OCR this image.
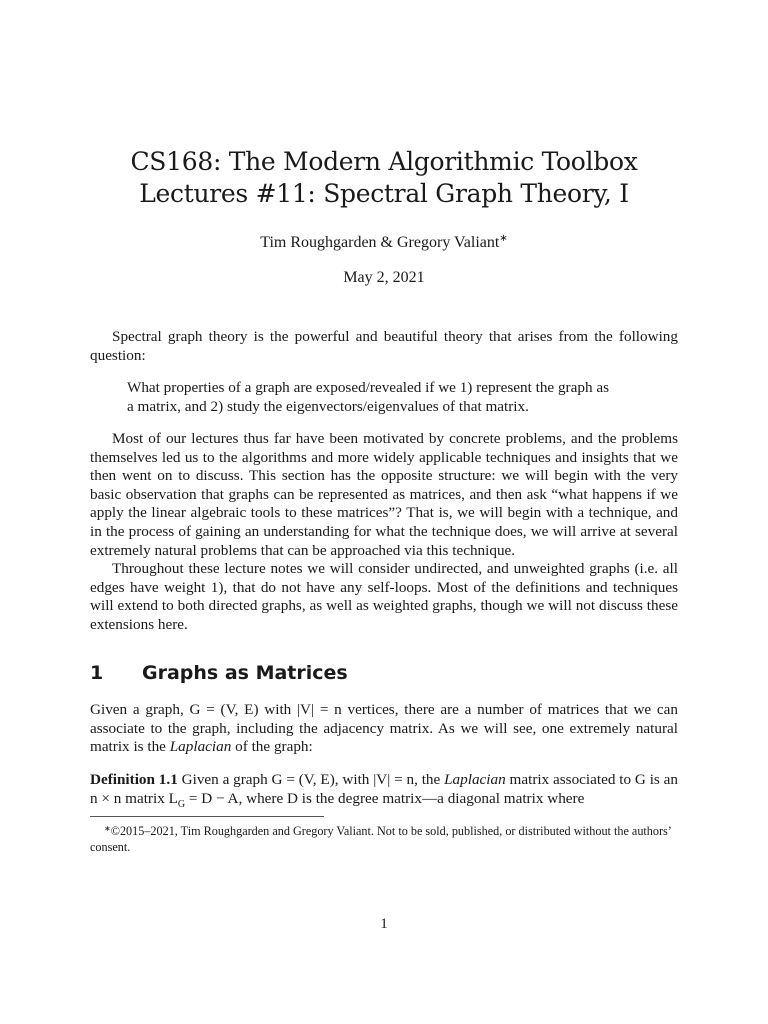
CS168: The Modern Algorithmic Toolbox
Lectures #11: Spectral Graph Theory, I
Tim Roughgarden & Gregory Valiant∗
May 2, 2021
Spectral graph theory is the powerful and beautiful theory that arises from the following question:
What properties of a graph are exposed/revealed if we 1) represent the graph as
a matrix, and 2) study the eigenvectors/eigenvalues of that matrix.
Most of our lectures thus far have been motivated by concrete problems, and the problems themselves led us to the algorithms and more widely applicable techniques and insights that we then went on to discuss. This section has the opposite structure: we will begin with the very basic observation that graphs can be represented as matrices, and then ask “what happens if we apply the linear algebraic tools to these matrices”? That is, we will begin with a technique, and in the process of gaining an understanding for what the technique does, we will arrive at several extremely natural problems that can be approached via this technique.
Throughout these lecture notes we will consider undirected, and unweighted graphs (i.e. all edges have weight 1), that do not have any self-loops. Most of the definitions and techniques will extend to both directed graphs, as well as weighted graphs, though we will not discuss these extensions here.
1 Graphs as Matrices
Given a graph, G = (V, E) with |V| = n vertices, there are a number of matrices that we can associate to the graph, including the adjacency matrix. As we will see, one extremely natural matrix is the Laplacian of the graph:
Definition 1.1 Given a graph G = (V, E), with |V| = n, the Laplacian matrix associated to G is an n × n matrix $L_G = D - A$, where D is the degree matrix—a diagonal matrix where
∗©2015–2021, Tim Roughgarden and Gregory Valiant. Not to be sold, published, or distributed without the authors’ consent.
1
